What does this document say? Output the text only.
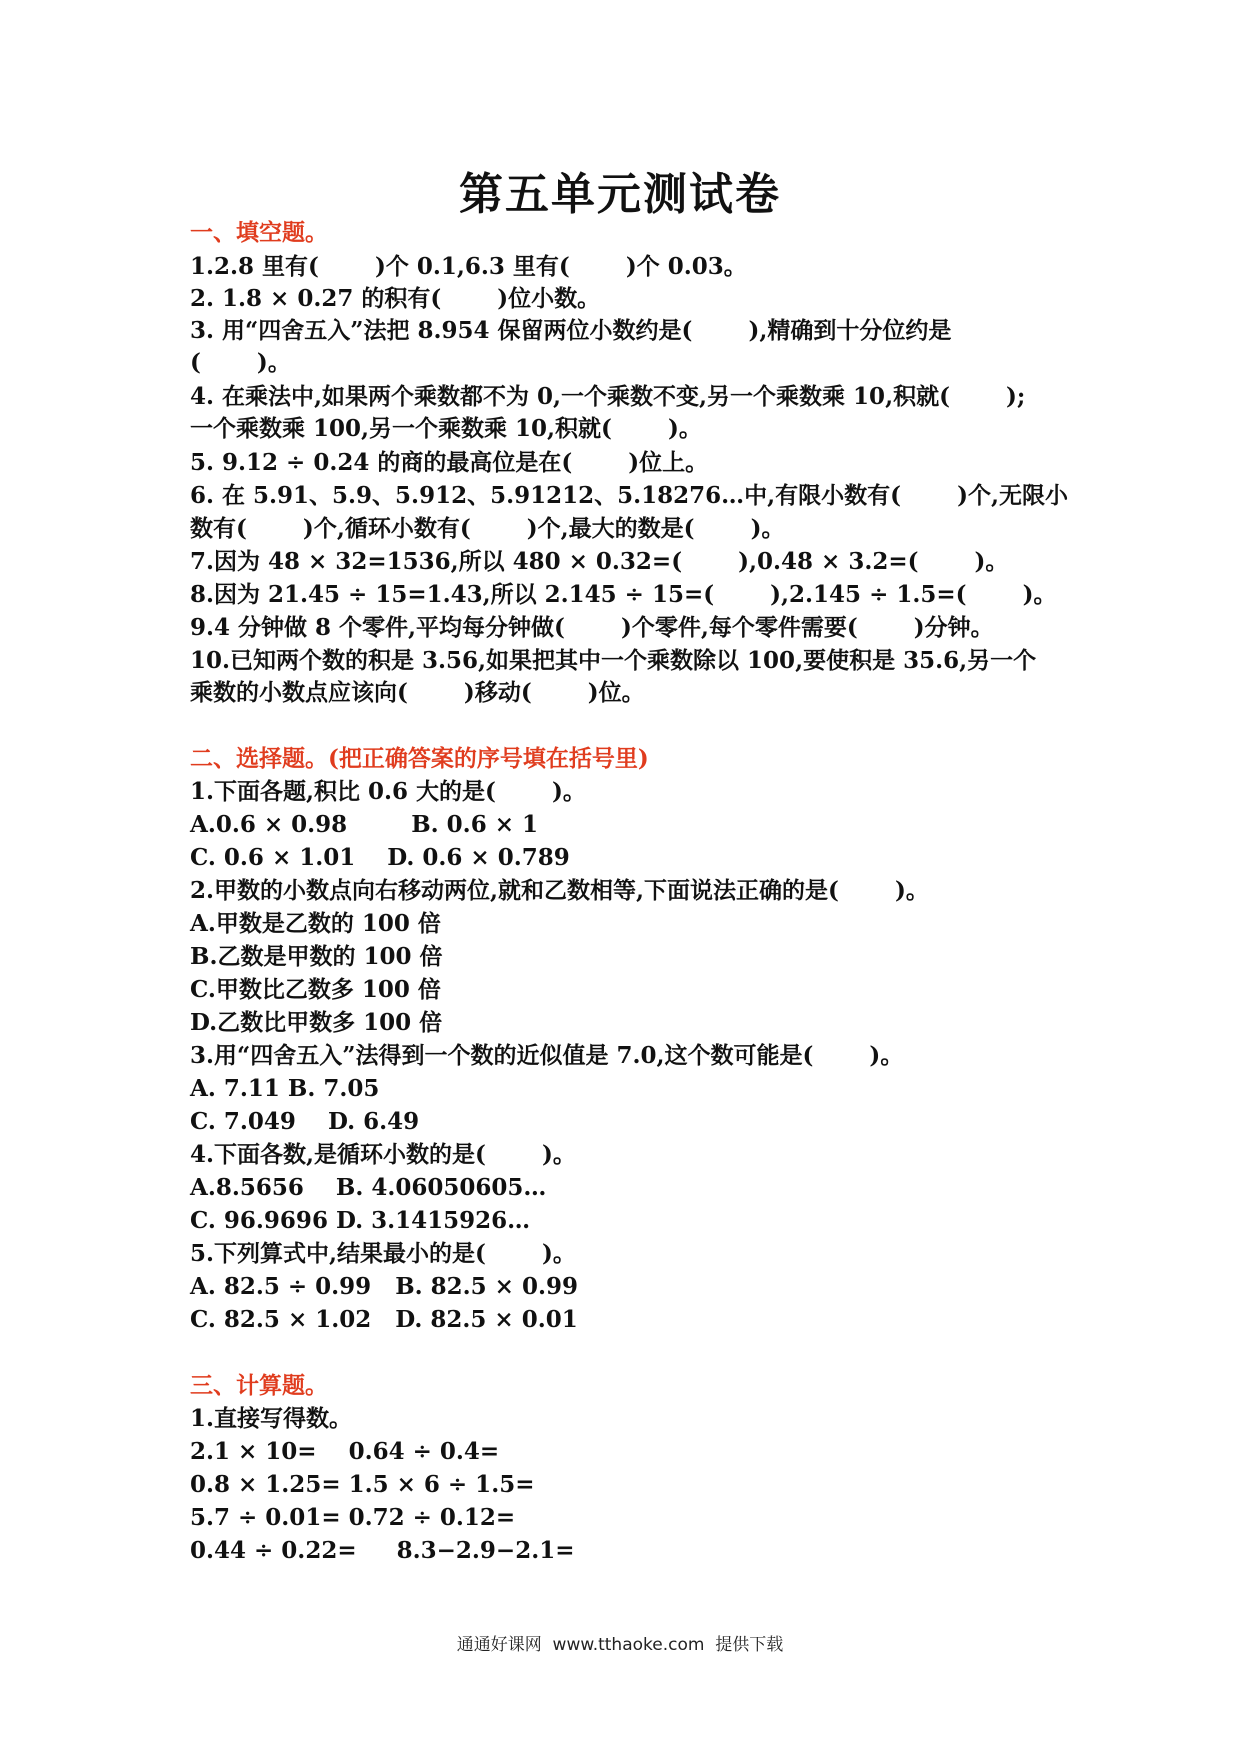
第五单元测试卷
一、填空题。
1.2.8 里有(       )个 0.1,6.3 里有(       )个 0.03。
2. 1.8 × 0.27 的积有(       )位小数。
3. 用“四舍五入”法把 8.954 保留两位小数约是(       ),精确到十分位约是
(       )。
4. 在乘法中,如果两个乘数都不为 0,一个乘数不变,另一个乘数乘 10,积就(       );
一个乘数乘 100,另一个乘数乘 10,积就(       )。
5. 9.12 ÷ 0.24 的商的最高位是在(       )位上。
6. 在 5.91、5.9、5.912、5.91212、5.18276…中,有限小数有(       )个,无限小
数有(       )个,循环小数有(       )个,最大的数是(       )。
7.因为 48 × 32=1536,所以 480 × 0.32=(       ),0.48 × 3.2=(       )。
8.因为 21.45 ÷ 15=1.43,所以 2.145 ÷ 15=(       ),2.145 ÷ 1.5=(       )。
9.4 分钟做 8 个零件,平均每分钟做(       )个零件,每个零件需要(       )分钟。
10.已知两个数的积是 3.56,如果把其中一个乘数除以 100,要使积是 35.6,另一个
乘数的小数点应该向(       )移动(       )位。
二、选择题。(把正确答案的序号填在括号里)
1.下面各题,积比 0.6 大的是(       )。
A.0.6 × 0.98        B. 0.6 × 1
C. 0.6 × 1.01    D. 0.6 × 0.789
2.甲数的小数点向右移动两位,就和乙数相等,下面说法正确的是(       )。
A.甲数是乙数的 100 倍
B.乙数是甲数的 100 倍
C.甲数比乙数多 100 倍
D.乙数比甲数多 100 倍
3.用“四舍五入”法得到一个数的近似值是 7.0,这个数可能是(       )。
A. 7.11 B. 7.05
C. 7.049    D. 6.49
4.下面各数,是循环小数的是(       )。
A.8.5656    B. 4.06050605…
C. 96.9696 D. 3.1415926…
5.下列算式中,结果最小的是(       )。
A. 82.5 ÷ 0.99   B. 82.5 × 0.99
C. 82.5 × 1.02   D. 82.5 × 0.01
三、计算题。
1.直接写得数。
2.1 × 10=    0.64 ÷ 0.4=
0.8 × 1.25= 1.5 × 6 ÷ 1.5=
5.7 ÷ 0.01= 0.72 ÷ 0.12=
0.44 ÷ 0.22=     8.3−2.9−2.1=
通通好课网  www.tthaoke.com  提供下载
